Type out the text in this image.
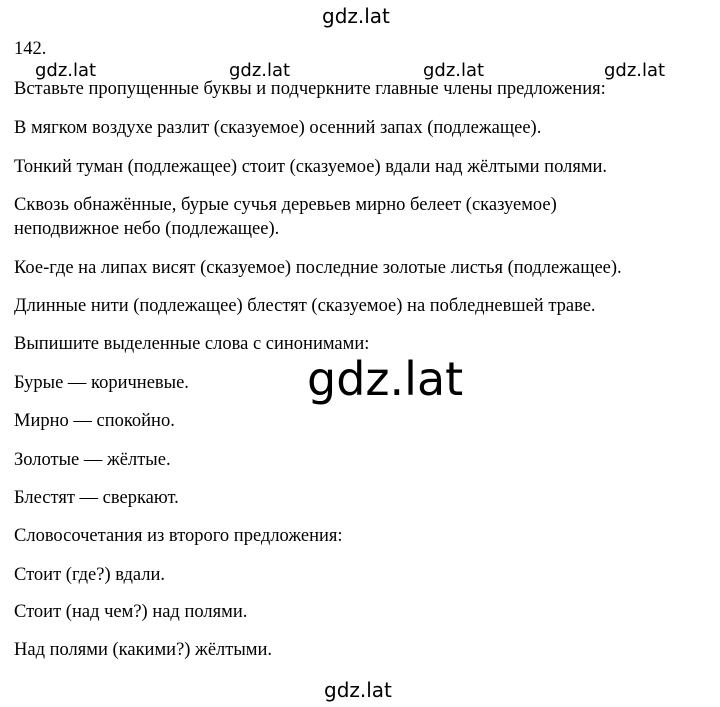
gdz.lat
gdz.lat	gdz.lat	gdz.lat	gdz.lat
gdz.lat
gdz.lat
142.
Вставьте пропущенные буквы и подчеркните главные члены предложения:
В мягком воздухе разлит (сказуемое) осенний запах (подлежащее).
Тонкий туман (подлежащее) стоит (сказуемое) вдали над жёлтыми полями.
Сквозь обнажённые, бурые сучья деревьев мирно белеет (сказуемое)
неподвижное небо (подлежащее).
Кое-где на липах висят (сказуемое) последние золотые листья (подлежащее).
Длинные нити (подлежащее) блестят (сказуемое) на побледневшей траве.
Выпишите выделенные слова с синонимами:
Бурые — коричневые.
Мирно — спокойно.
Золотые — жёлтые.
Блестят — сверкают.
Словосочетания из второго предложения:
Стоит (где?) вдали.
Стоит (над чем?) над полями.
Над полями (какими?) жёлтыми.
